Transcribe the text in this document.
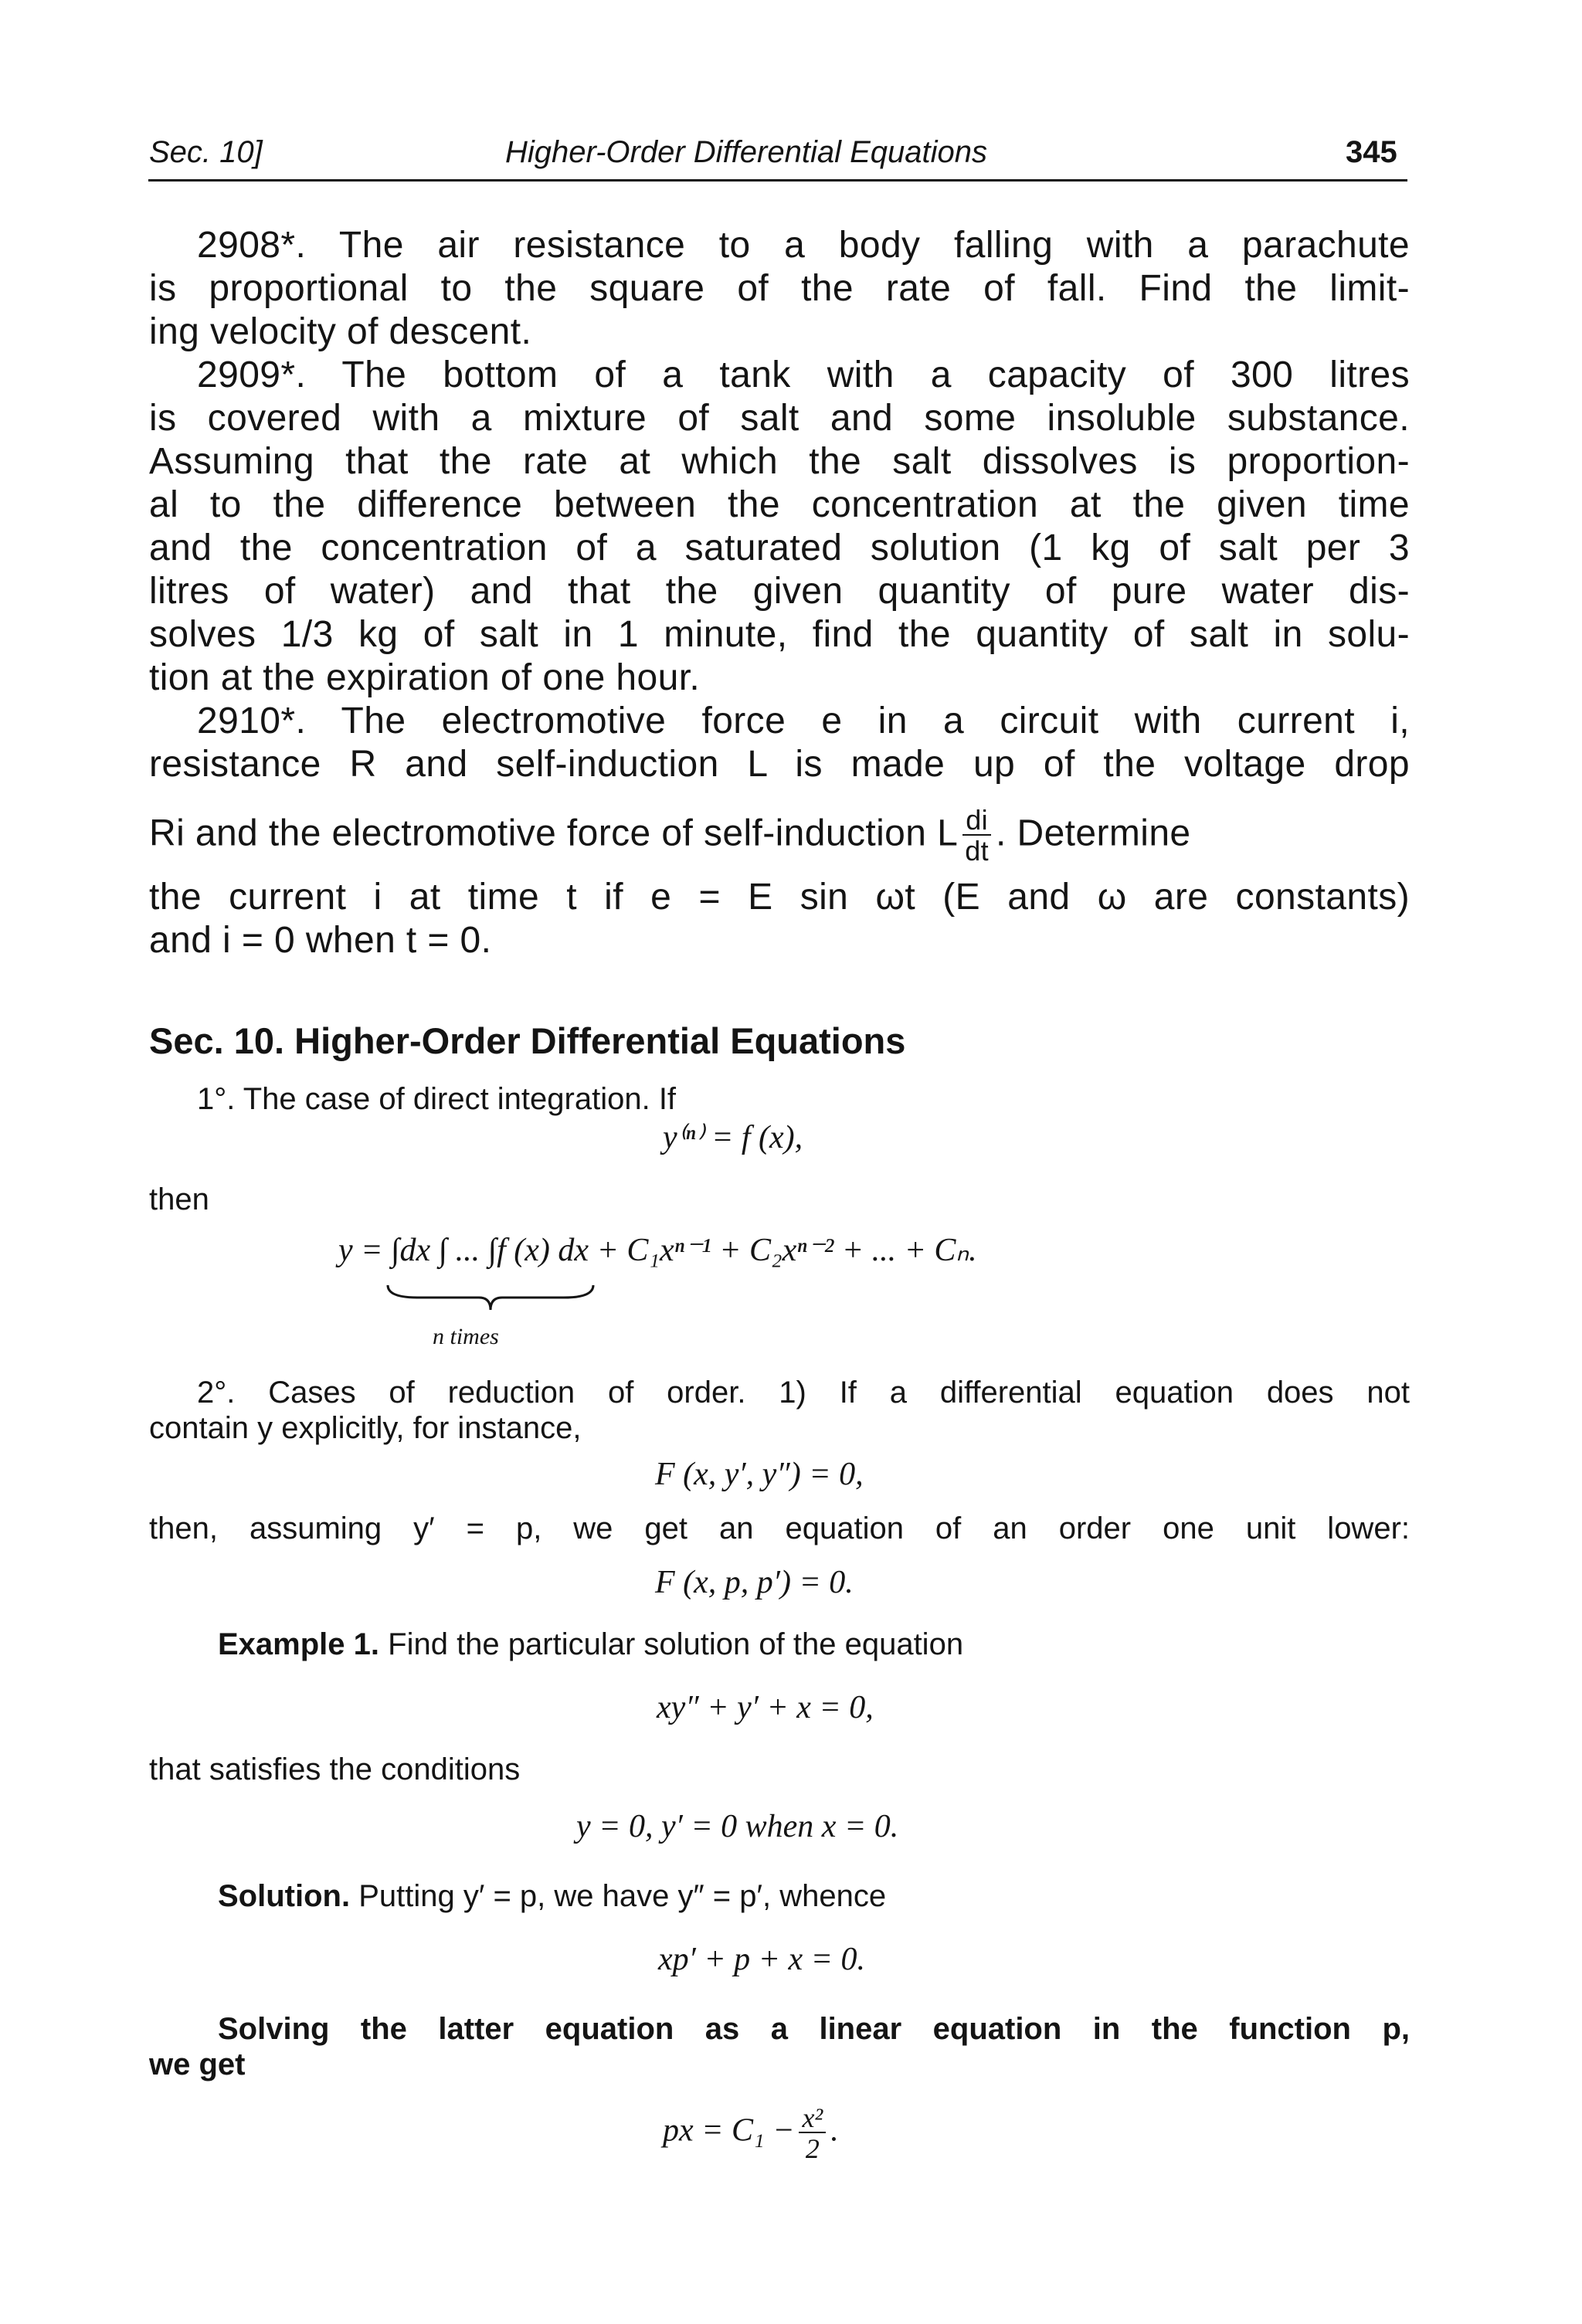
Sec. 10]	Higher-Order Differential Equations	345
2908*. The air resistance to a body falling with a parachute
is proportional to the square of the rate of fall. Find the limit-
ing velocity of descent.
2909*. The bottom of a tank with a capacity of 300 litres
is covered with a mixture of salt and some insoluble substance.
Assuming that the rate at which the salt dissolves is proportion-
al to the difference between the concentration at the given time
and the concentration of a saturated solution (1 kg of salt per 3
litres of water) and that the given quantity of pure water dis-
solves 1/3 kg of salt in 1 minute, find the quantity of salt in solu-
tion at the expiration of one hour.
2910*. The electromotive force e in a circuit with current i,
resistance R and self-induction L is made up of the voltage drop
Ri and the electromotive force of self-induction L $\frac{di}{dt}$ . Determine
the current i at time t if e = E sin ωt (E and ω are constants)
and i = 0 when t = 0.
Sec. 10. Higher-Order Differential Equations
1°. The case of direct integration. If
y⁽ⁿ⁾ = f (x),
then
y = ∫dx ∫ ... ∫f (x) dx + C₁xⁿ⁻¹ + C₂xⁿ⁻² + ... + Cₙ.
n times
2°. Cases of reduction of order. 1) If a differential equation does not
contain y explicitly, for instance,
F (x, y′, y″) = 0,
then, assuming y′ = p, we get an equation of an order one unit lower:
F (x, p, p′) = 0.
Example 1. Find the particular solution of the equation
xy″ + y′ + x = 0,
that satisfies the conditions
y = 0, y′ = 0 when x = 0.
Solution. Putting y′ = p, we have y″ = p′, whence
xp′ + p + x = 0.
Solving the latter equation as a linear equation in the function p,
we get
px = $C_1 - \frac{\text{x²}}{2}$ .
